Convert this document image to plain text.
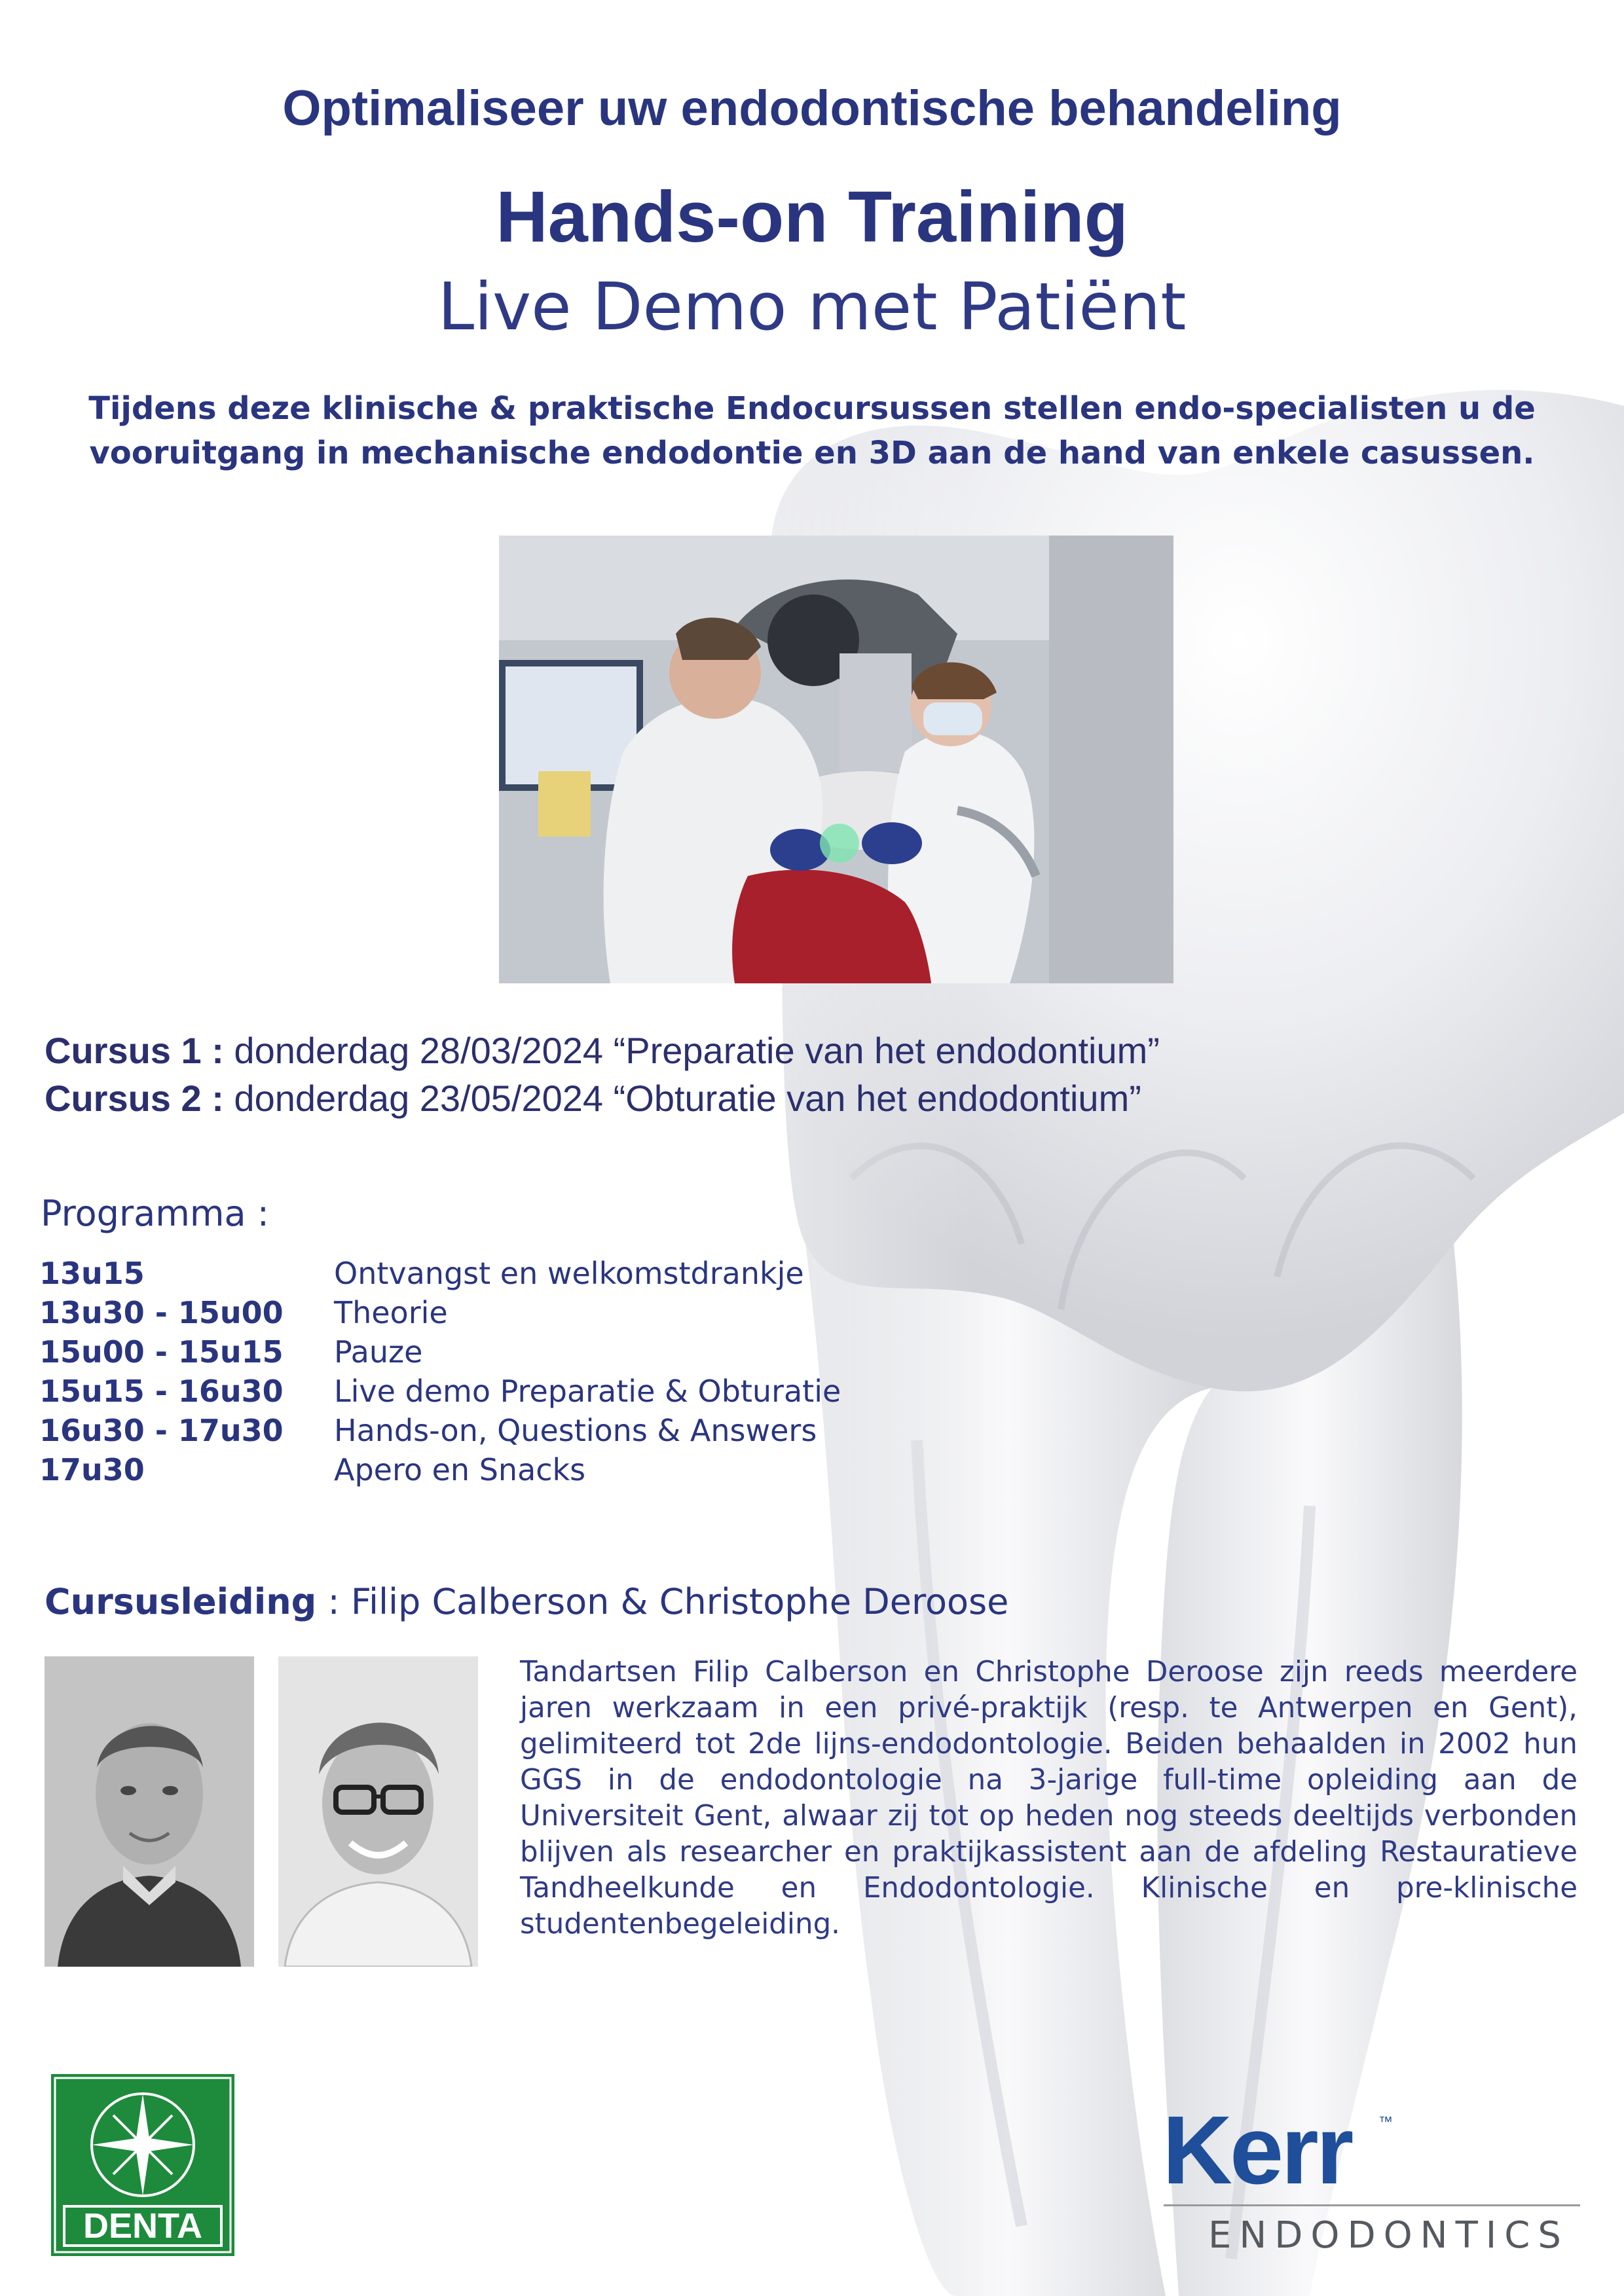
Optimaliseer uw endodontische behandeling
Hands-on Training
Live Demo met Patiënt
Tijdens deze klinische & praktische Endocursussen stellen endo-specialisten u de
vooruitgang in mechanische endodontie en 3D aan de hand van enkele casussen.
Cursus 1 : donderdag 28/03/2024 “Preparatie van het endodontium”
Cursus 2 : donderdag 23/05/2024 “Obturatie van het endodontium”
Programma :
13u15	Ontvangst en welkomstdrankje
13u30 - 15u00 Theorie
15u00 - 15u15 Pauze
15u15 - 16u30 Live demo Preparatie & Obturatie
16u30 - 17u30 Hands-on, Questions & Answers
17u30	Apero en Snacks
Cursusleiding : Filip Calberson & Christophe Deroose
Tandartsen Filip Calberson en Christophe Deroose zijn reeds meerdere jaren werkzaam in een privé-praktijk (resp. te Antwerpen en Gent), gelimiteerd tot 2de lijns-endodontologie. Beiden behaalden in 2002 hun GGS in de endodontologie na 3-jarige full-time opleiding aan de Universiteit Gent, alwaar zij tot op heden nog steeds deeltijds verbonden blijven als researcher en praktijkassistent aan de afdeling Restauratieve Tandheelkunde en Endodontologie. Klinische en pre-klinische studentenbegeleiding.
DENTA
Kerr ™
ENDODONTICS
